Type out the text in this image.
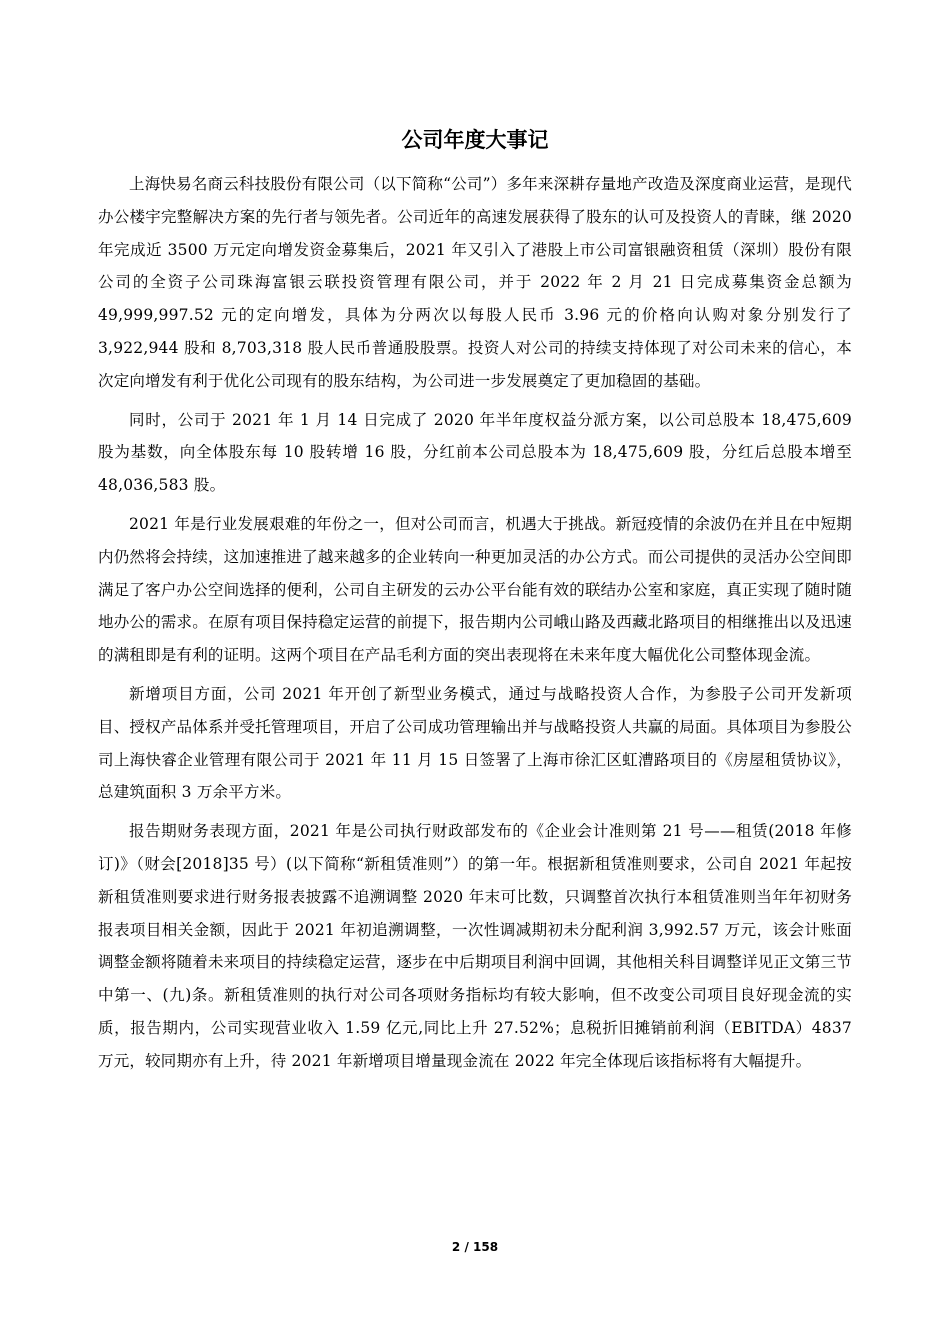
公司年度大事记

上海快易名商云科技股份有限公司（以下简称“公司”）多年来深耕存量地产改造及深度商业运营，是现代办公楼宇完整解决方案的先行者与领先者。公司近年的高速发展获得了股东的认可及投资人的青睐，继 2020 年完成近 3500 万元定向增发资金募集后，2021 年又引入了港股上市公司富银融资租赁（深圳）股份有限公司的全资子公司珠海富银云联投资管理有限公司，并于 2022 年 2 月 21 日完成募集资金总额为 49,999,997.52 元的定向增发，具体为分两次以每股人民币 3.96 元的价格向认购对象分别发行了 3,922,944 股和 8,703,318 股人民币普通股股票。投资人对公司的持续支持体现了对公司未来的信心，本次定向增发有利于优化公司现有的股东结构，为公司进一步发展奠定了更加稳固的基础。

同时，公司于 2021 年 1 月 14 日完成了 2020 年半年度权益分派方案，以公司总股本 18,475,609 股为基数，向全体股东每 10 股转增 16 股，分红前本公司总股本为 18,475,609 股，分红后总股本增至 48,036,583 股。

2021 年是行业发展艰难的年份之一，但对公司而言，机遇大于挑战。新冠疫情的余波仍在并且在中短期内仍然将会持续，这加速推进了越来越多的企业转向一种更加灵活的办公方式。而公司提供的灵活办公空间即满足了客户办公空间选择的便利，公司自主研发的云办公平台能有效的联结办公室和家庭，真正实现了随时随地办公的需求。在原有项目保持稳定运营的前提下，报告期内公司峨山路及西藏北路项目的相继推出以及迅速的满租即是有利的证明。这两个项目在产品毛利方面的突出表现将在未来年度大幅优化公司整体现金流。

新增项目方面，公司 2021 年开创了新型业务模式，通过与战略投资人合作，为参股子公司开发新项目、授权产品体系并受托管理项目，开启了公司成功管理输出并与战略投资人共赢的局面。具体项目为参股公司上海快睿企业管理有限公司于 2021 年 11 月 15 日签署了上海市徐汇区虹漕路项目的《房屋租赁协议》，总建筑面积 3 万余平方米。

报告期财务表现方面，2021 年是公司执行财政部发布的《企业会计准则第 21 号——租赁(2018 年修订)》（财会[2018]35 号）(以下简称“新租赁准则”）的第一年。根据新租赁准则要求，公司自 2021 年起按新租赁准则要求进行财务报表披露不追溯调整 2020 年末可比数，只调整首次执行本租赁准则当年年初财务报表项目相关金额，因此于 2021 年初追溯调整，一次性调减期初未分配利润 3,992.57 万元，该会计账面调整金额将随着未来项目的持续稳定运营，逐步在中后期项目利润中回调，其他相关科目调整详见正文第三节中第一、(九)条。新租赁准则的执行对公司各项财务指标均有较大影响，但不改变公司项目良好现金流的实质，报告期内，公司实现营业收入 1.59 亿元,同比上升 27.52%；息税折旧摊销前利润（EBITDA）4837 万元，较同期亦有上升，待 2021 年新增项目增量现金流在 2022 年完全体现后该指标将有大幅提升。

2 / 158
